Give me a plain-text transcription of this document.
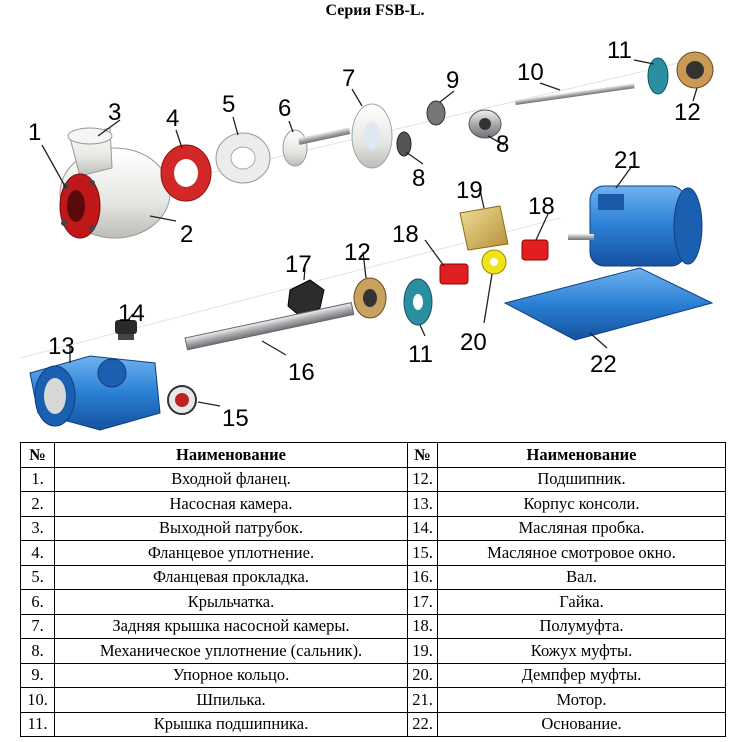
Серия FSB-L.
1
2
3 4
5 6
7	9
8
8
10
11
12
19
18
21
18
12
17
14
13
16
11 20
22
15
№	Наименование	№	Наименование
1.	Входной фланец.	12.	Подшипник.
2.	Насосная камера.	13.	Корпус консоли.
3.	Выходной патрубок.	14.	Масляная пробка.
4.	Фланцевое уплотнение.	15.	Масляное смотровое окно.
5.	Фланцевая прокладка.	16.	Вал.
6.	Крыльчатка.	17.	Гайка.
7.	Задняя крышка насосной камеры.	18.	Полумуфта.
8.	Механическое уплотнение (сальник).	19.	Кожух муфты.
9.	Упорное кольцо.	20.	Демпфер муфты.
10.	Шпилька.	21.	Мотор.
11.	Крышка подшипника.	22.	Основание.
